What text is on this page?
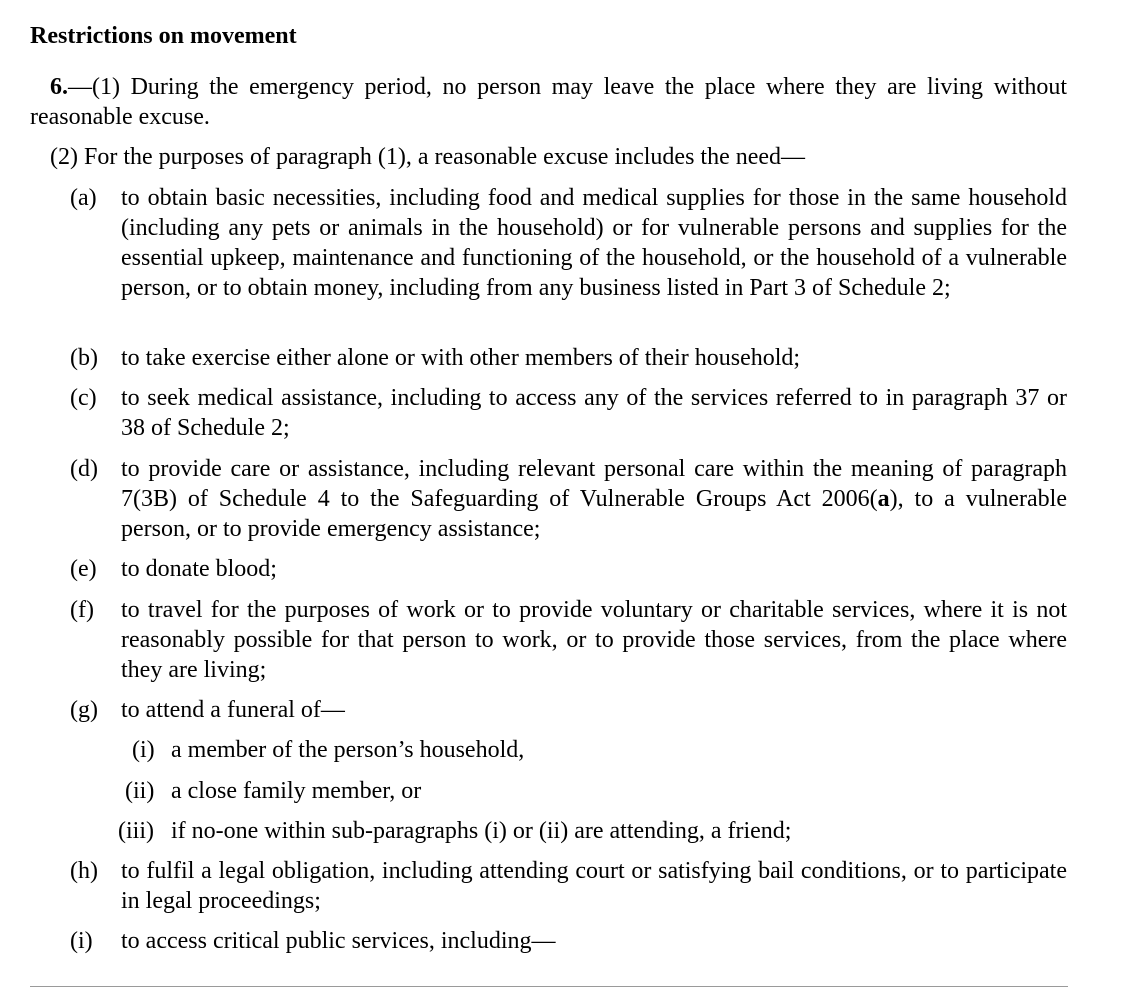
Restrictions on movement
6.—(1) During the emergency period, no person may leave the place where they are living without reasonable excuse.
(2) For the purposes of paragraph (1), a reasonable excuse includes the need—
(a) to obtain basic necessities, including food and medical supplies for those in the same household (including any pets or animals in the household) or for vulnerable persons and supplies for the essential upkeep, maintenance and functioning of the household, or the household of a vulnerable person, or to obtain money, including from any business listed in Part 3 of Schedule 2;
(b) to take exercise either alone or with other members of their household;
(c) to seek medical assistance, including to access any of the services referred to in paragraph 37 or 38 of Schedule 2;
(d) to provide care or assistance, including relevant personal care within the meaning of paragraph 7(3B) of Schedule 4 to the Safeguarding of Vulnerable Groups Act 2006(a), to a vulnerable person, or to provide emergency assistance;
(e) to donate blood;
(f) to travel for the purposes of work or to provide voluntary or charitable services, where it is not reasonably possible for that person to work, or to provide those services, from the place where they are living;
(g) to attend a funeral of—
(i) a member of the person’s household,
(ii) a close family member, or
(iii) if no-one within sub-paragraphs (i) or (ii) are attending, a friend;
(h) to fulfil a legal obligation, including attending court or satisfying bail conditions, or to participate in legal proceedings;
(i) to access critical public services, including—
